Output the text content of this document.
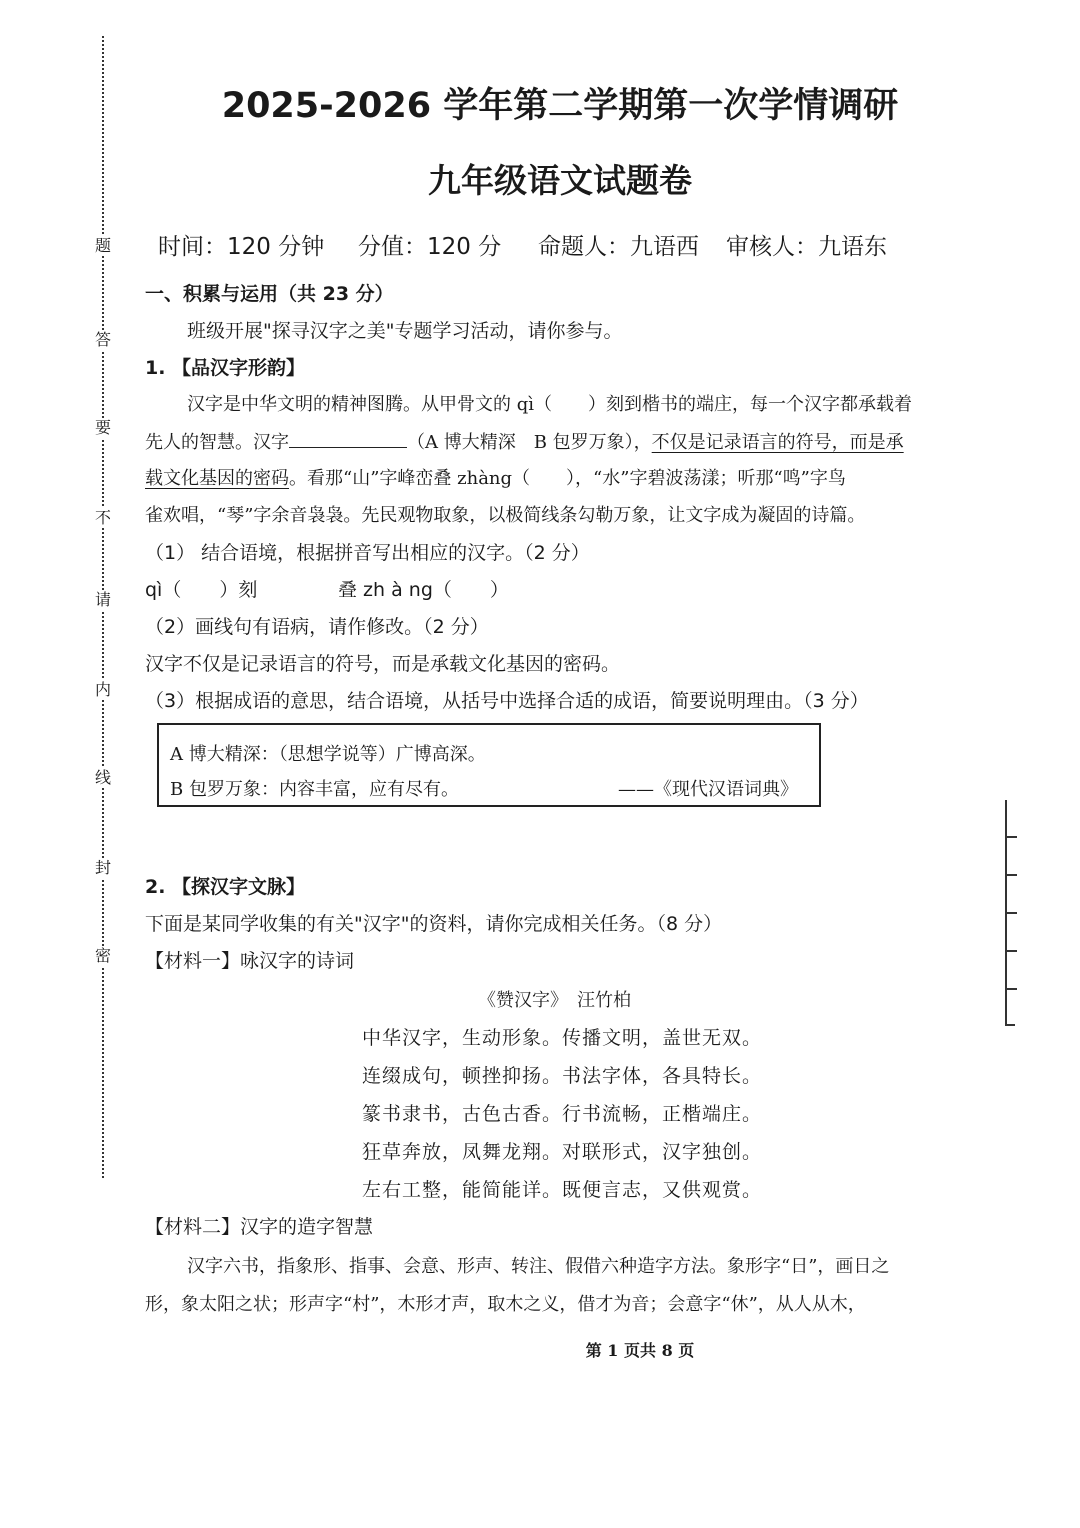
题
答
要
不
请
内
线
封
密
2025-2026 学年第二学期第一次学情调研
九年级语文试题卷
时间：120 分钟 分值：120 分 命题人：九语西 审核人：九语东
一、积累与运用（共 23 分）
班级开展"探寻汉字之美"专题学习活动，请你参与。
1. 【品汉字形韵】
汉字是中华文明的精神图腾。从甲骨文的 qì（　　）刻到楷书的端庄，每一个汉字都承载着
先人的智慧。汉字	（A 博大精深　B 包罗万象），不仅是记录语言的符号，而是承
载文化基因的密码。看那“山”字峰峦叠 zhàng（　　），“水”字碧波荡漾；听那“鸣”字鸟
雀欢唱，“琴”字余音袅袅。先民观物取象，以极简线条勾勒万象，让文字成为凝固的诗篇。
（1） 结合语境，根据拼音写出相应的汉字。（2 分）
qì（　　）刻	叠 zh à ng（　　）
（2）画线句有语病，请作修改。（2 分）
汉字不仅是记录语言的符号，而是承载文化基因的密码。
（3）根据成语的意思，结合语境，从括号中选择合适的成语，简要说明理由。（3 分）
A 博大精深：（思想学说等）广博高深。
B 包罗万象：内容丰富，应有尽有。	——《现代汉语词典》
2. 【探汉字文脉】
下面是某同学收集的有关"汉字"的资料，请你完成相关任务。（8 分）
【材料一】咏汉字的诗词
《赞汉字》　汪竹柏
中华汉字，生动形象。传播文明，盖世无双。
连缀成句，顿挫抑扬。书法字体，各具特长。
篆书隶书，古色古香。行书流畅，正楷端庄。
狂草奔放，凤舞龙翔。对联形式，汉字独创。
左右工整，能简能详。既便言志，又供观赏。
【材料二】汉字的造字智慧
汉字六书，指象形、指事、会意、形声、转注、假借六种造字方法。象形字“日”，画日之
形，象太阳之状；形声字“村”，木形才声，取木之义，借才为音；会意字“休”，从人从木，
第 1 页共 8 页
